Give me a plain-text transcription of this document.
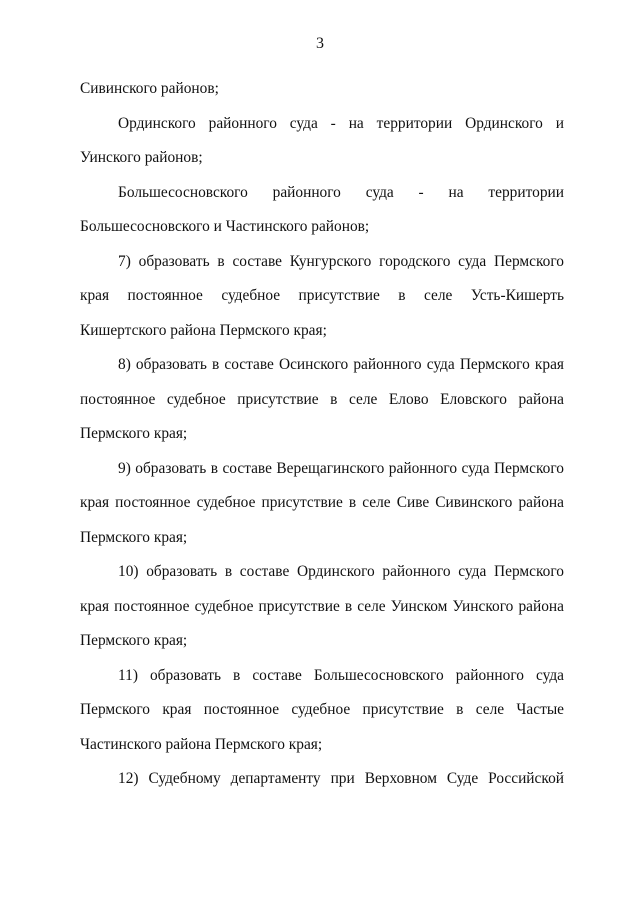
3

Сивинского районов;

Ординского районного суда - на территории Ординского и Уинского районов;

Большесосновского районного суда - на территории Большесосновского и Частинского районов;

7) образовать в составе Кунгурского городского суда Пермского края постоянное судебное присутствие в селе Усть-Кишерть Кишертского района Пермского края;

8) образовать в составе Осинского районного суда Пермского края постоянное судебное присутствие в селе Елово Еловского района Пермского края;

9) образовать в составе Верещагинского районного суда Пермского края постоянное судебное присутствие в селе Сиве Сивинского района Пермского края;

10) образовать в составе Ординского районного суда Пермского края постоянное судебное присутствие в селе Уинском Уинского района Пермского края;

11) образовать в составе Большесосновского районного суда Пермского края постоянное судебное присутствие в селе Частые Частинского района Пермского края;

12) Судебному департаменту при Верховном Суде Российской
